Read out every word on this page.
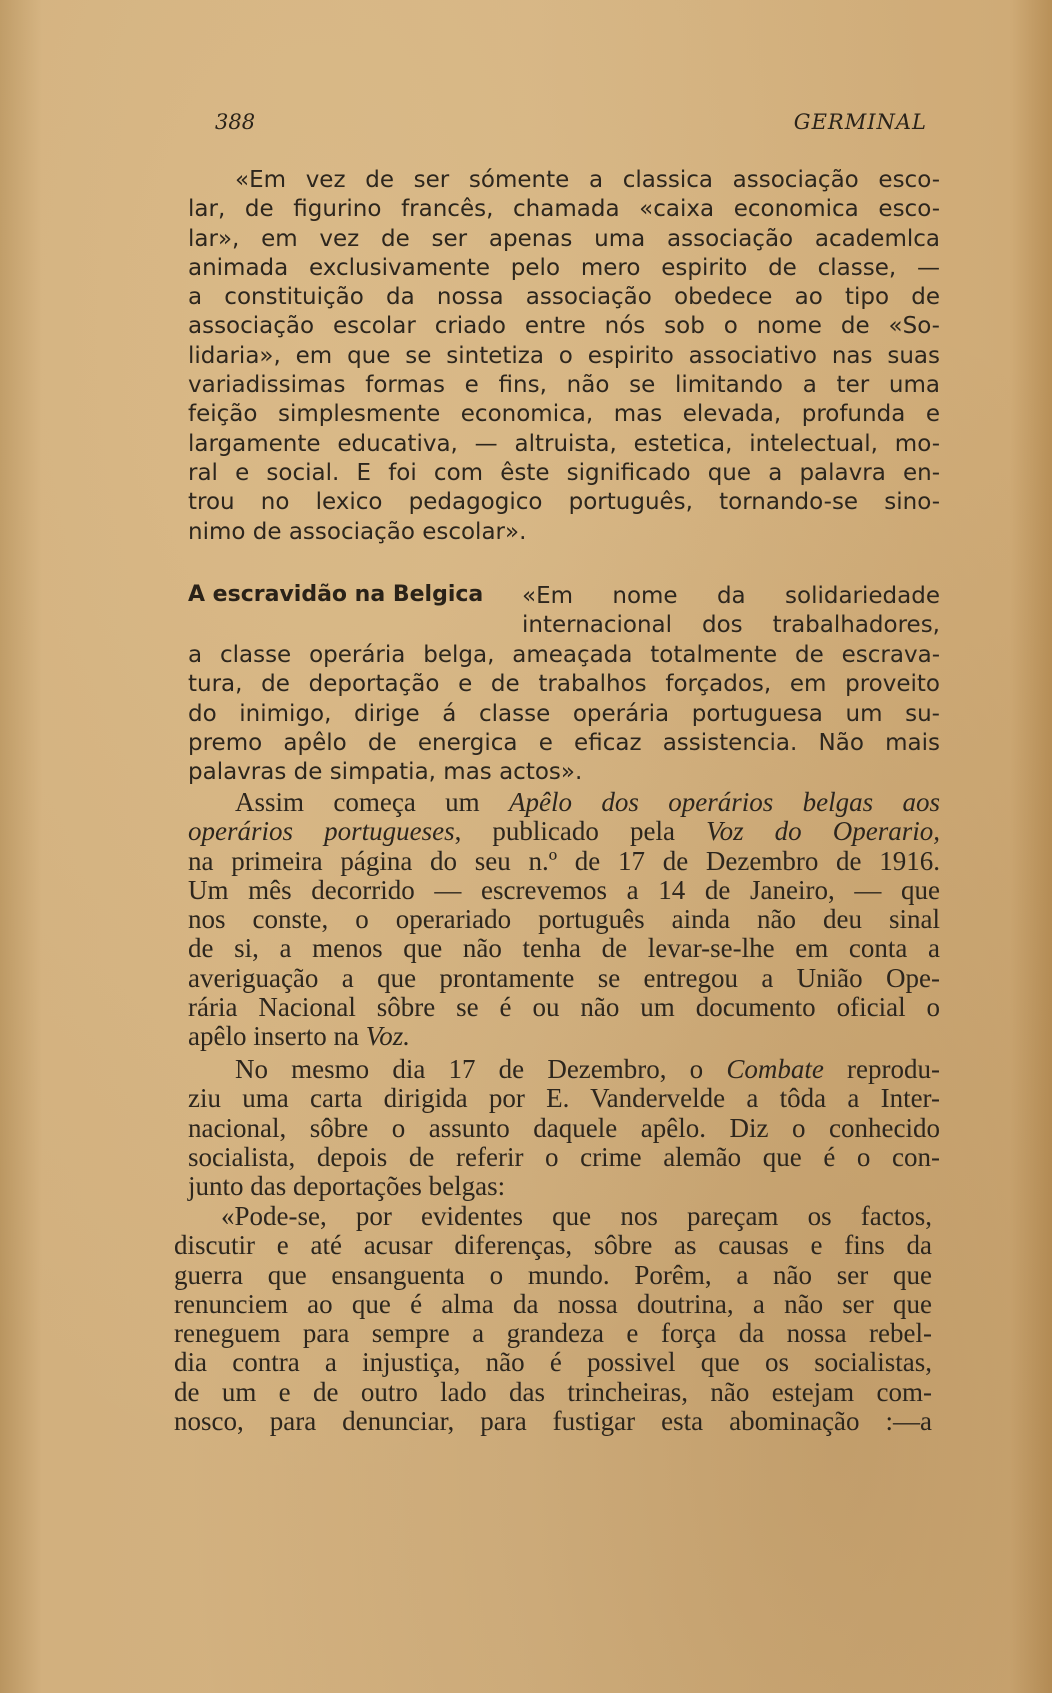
388	GERMINAL
«Em vez de ser sómente a classica associação esco-
lar, de figurino francês, chamada «caixa economica esco-
lar», em vez de ser apenas uma associação academlca
animada exclusivamente pelo mero espirito de classe, —
a constituição da nossa associação obedece ao tipo de
associação escolar criado entre nós sob o nome de «So-
lidaria», em que se sintetiza o espirito associativo nas suas
variadissimas formas e fins, não se limitando a ter uma
feição simplesmente economica, mas elevada, profunda e
largamente educativa, — altruista, estetica, intelectual, mo-
ral e social. E foi com êste significado que a palavra en-
trou no lexico pedagogico português, tornando-se sino-
nimo de associação escolar».
A escravidão na Belgica «Em nome da solidariedade
internacional dos trabalhadores,
a classe operária belga, ameaçada totalmente de escrava-
tura, de deportação e de trabalhos forçados, em proveito
do inimigo, dirige á classe operária portuguesa um su-
premo apêlo de energica e eficaz assistencia. Não mais
palavras de simpatia, mas actos».
Assim começa um Apêlo dos operários belgas aos
operários portugueses, publicado pela Voz do Operario,
na primeira página do seu n.º de 17 de Dezembro de 1916.
Um mês decorrido — escrevemos a 14 de Janeiro, — que
nos conste, o operariado português ainda não deu sinal
de si, a menos que não tenha de levar-se-lhe em conta a
averiguação a que prontamente se entregou a União Ope-
rária Nacional sôbre se é ou não um documento oficial o
apêlo inserto na Voz.
No mesmo dia 17 de Dezembro, o Combate reprodu-
ziu uma carta dirigida por E. Vandervelde a tôda a Inter-
nacional, sôbre o assunto daquele apêlo. Diz o conhecido
socialista, depois de referir o crime alemão que é o con-
junto das deportações belgas:
«Pode-se, por evidentes que nos pareçam os factos,
discutir e até acusar diferenças, sôbre as causas e fins da
guerra que ensanguenta o mundo. Porêm, a não ser que
renunciem ao que é alma da nossa doutrina, a não ser que
reneguem para sempre a grandeza e força da nossa rebel-
dia contra a injustiça, não é possivel que os socialistas,
de um e de outro lado das trincheiras, não estejam com-
nosco, para denunciar, para fustigar esta abominação :—a
